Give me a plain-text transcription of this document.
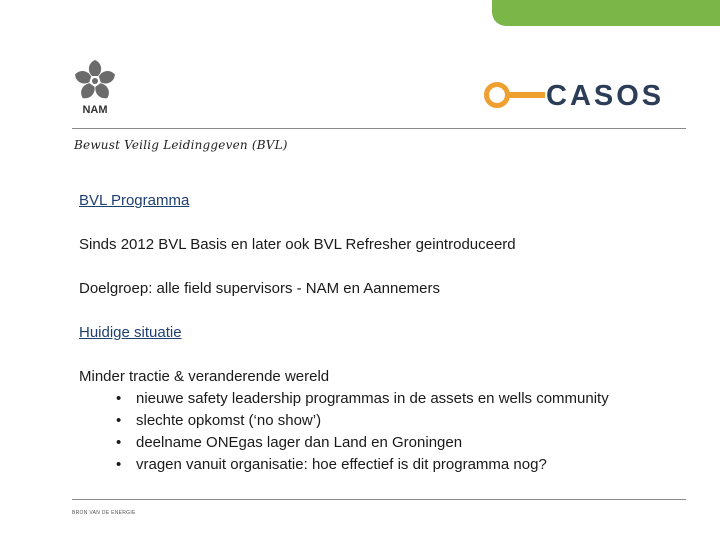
NAM	CASOS
Bewust Veilig Leidinggeven (BVL)

BVL Programma

Sinds 2012 BVL Basis en later ook BVL Refresher geintroduceerd

Doelgroep: alle field supervisors - NAM en Aannemers

Huidige situatie

Minder tractie & veranderende wereld

• nieuwe safety leadership programmas in de assets en wells community
• slechte opkomst (‘no show’)
• deelname ONEgas lager dan Land en Groningen
• vragen vanuit organisatie: hoe effectief is dit programma nog?
BRON VAN DE ENERGIE
